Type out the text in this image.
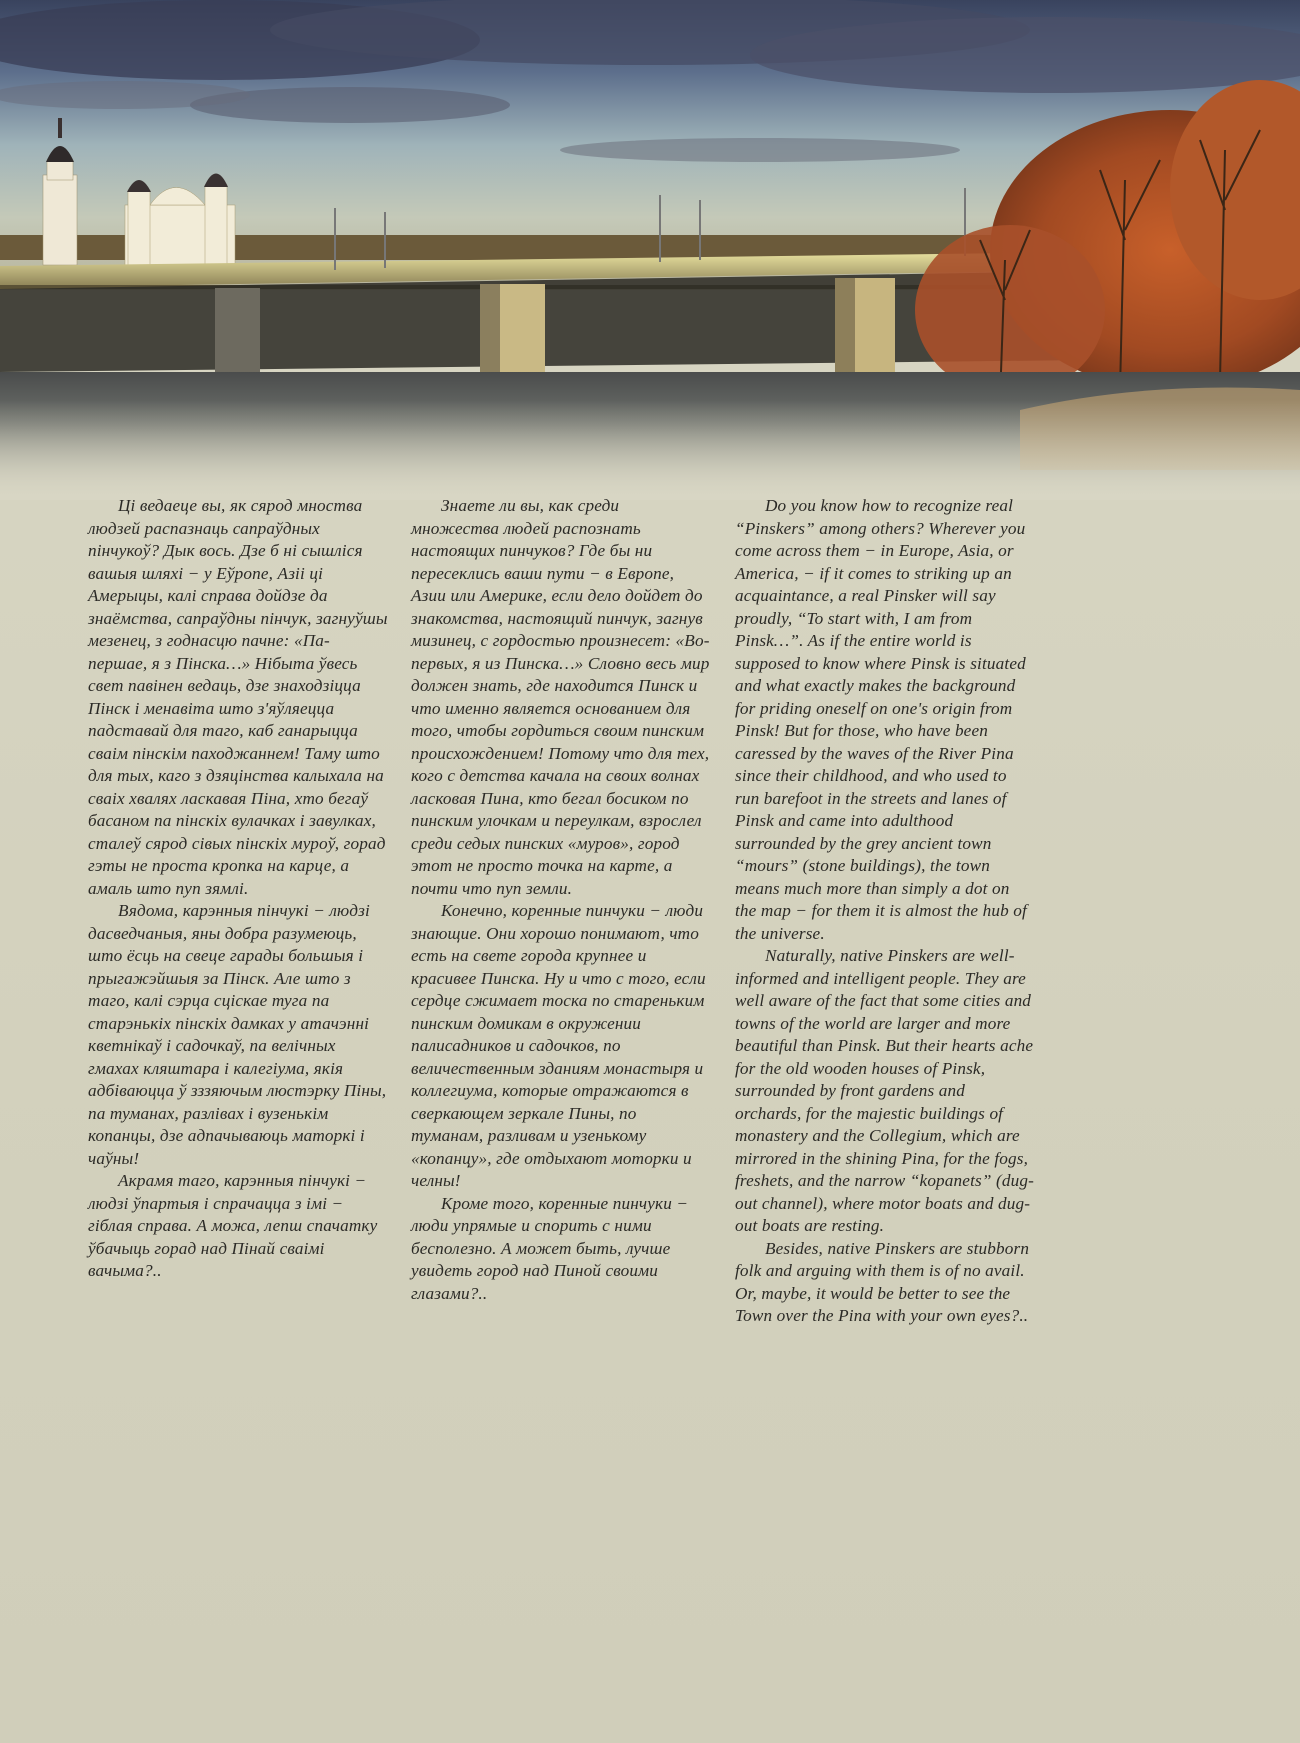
Ці ведаеце вы, як сярод мноства людзей распазнаць сапраўдных пінчукоў? Дык вось. Дзе б ні сышліся вашыя шляхі − у Еўропе, Азіі ці Амерыцы, калі справа дойдзе да знаёмства, сапраўдны пінчук, загнуўшы мезенец, з годнасцю пачне: «Па-першае, я з Пінска…» Нібыта ўвесь свет павінен ведаць, дзе знаходзіцца Пінск і менавіта што з'яўляецца падставай для таго, каб ганарыцца сваім пінскім паходжаннем! Таму што для тых, каго з дзяцінства калыхала на сваіх хвалях ласкавая Піна, хто бегаў басаном па пінскіх вулачках і завулках, сталеў сярод сівых пінскіх муроў, горад гэты не проста кропка на карце, а амаль што пуп зямлі.

Вядома, карэнныя пінчукі − людзі дасведчаныя, яны добра разумеюць, што ёсць на свеце гарады большыя і прыгажэйшыя за Пінск. Але што з таго, калі сэрца сціскае туга па старэнькіх пінскіх дамках у атачэнні кветнікаў і садочкаў, па велічных гмахах кляштара і калегіума, якія адбіваюцца ў зззяючым люстэрку Піны, па туманах, разлівах і вузенькім копанцы, дзе адпачываюць маторкі і чаўны!

Акрамя таго, карэнныя пінчукі − людзі ўпартыя і спрачацца з імі − гіблая справа. А можа, лепш спачатку ўбачыць горад над Пінай сваімі вачыма?..

Знаете ли вы, как среди множества людей распознать настоящих пинчуков? Где бы ни пересеклись ваши пути − в Европе, Азии или Америке, если дело дойдет до знакомства, настоящий пинчук, загнув мизинец, с гордостью произнесет: «Во-первых, я из Пинска…» Словно весь мир должен знать, где находится Пинск и что именно является основанием для того, чтобы гордиться своим пинским происхождением! Потому что для тех, кого с детства качала на своих волнах ласковая Пина, кто бегал босиком по пинским улочкам и переулкам, взрослел среди седых пинских «муров», город этот не просто точка на карте, а почти что пуп земли.

Конечно, коренные пинчуки − люди знающие. Они хорошо понимают, что есть на свете города крупнее и красивее Пинска. Ну и что с того, если сердце сжимает тоска по стареньким пинским домикам в окружении палисадников и садочков, по величественным зданиям монастыря и коллегиума, которые отражаются в сверкающем зеркале Пины, по туманам, разливам и узенькому «копанцу», где отдыхают моторки и челны!

Кроме того, коренные пинчуки − люди упрямые и спорить с ними бесполезно. А может быть, лучше увидеть город над Пиной своими глазами?..

Do you know how to recognize real “Pinskers” among others? Wherever you come across them − in Europe, Asia, or America, − if it comes to striking up an acquaintance, a real Pinsker will say proudly, “To start with, I am from Pinsk…”. As if the entire world is supposed to know where Pinsk is situated and what exactly makes the background for priding oneself on one's origin from Pinsk! But for those, who have been caressed by the waves of the River Pina since their childhood, and who used to run barefoot in the streets and lanes of Pinsk and came into adulthood surrounded by the grey ancient town “mours” (stone buildings), the town means much more than simply a dot on the map − for them it is almost the hub of the universe.

Naturally, native Pinskers are well-informed and intelligent people. They are well aware of the fact that some cities and towns of the world are larger and more beautiful than Pinsk. But their hearts ache for the old wooden houses of Pinsk, surrounded by front gardens and orchards, for the majestic buildings of monastery and the Collegium, which are mirrored in the shining Pina, for the fogs, freshets, and the narrow “kopanets” (dug-out channel), where motor boats and dug-out boats are resting.

Besides, native Pinskers are stubborn folk and arguing with them is of no avail. Or, maybe, it would be better to see the Town over the Pina with your own eyes?..
